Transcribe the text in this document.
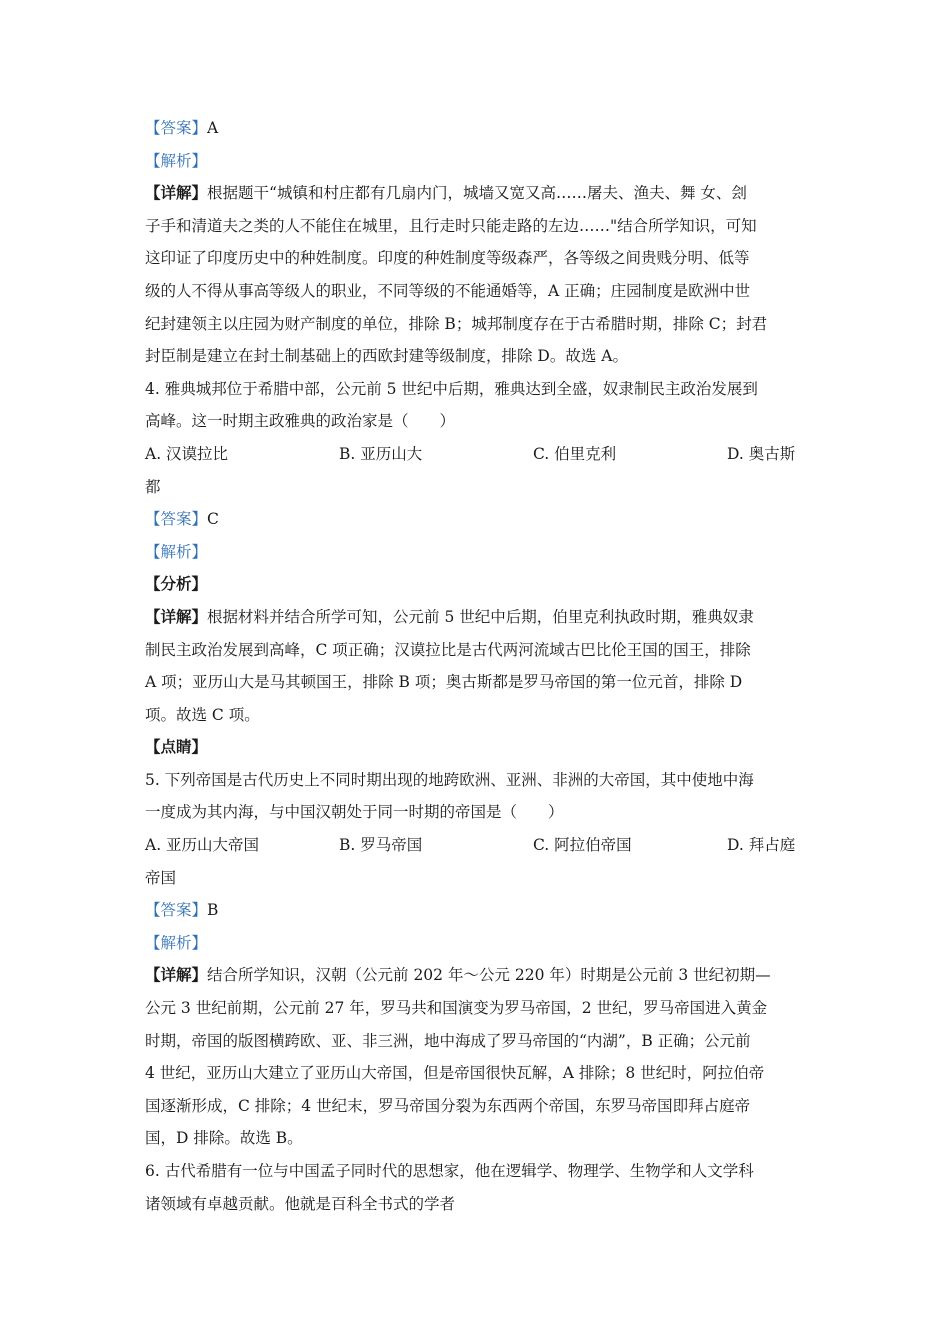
【答案】A
【解析】
【详解】根据题干“城镇和村庄都有几扇内门，城墙又宽又高……屠夫、渔夫、舞 女、刽
子手和清道夫之类的人不能住在城里，且行走时只能走路的左边……"结合所学知识，可知
这印证了印度历史中的种姓制度。印度的种姓制度等级森严，各等级之间贵贱分明、低等
级的人不得从事高等级人的职业，不同等级的不能通婚等，A 正确；庄园制度是欧洲中世
纪封建领主以庄园为财产制度的单位，排除 B；城邦制度存在于古希腊时期，排除 C；封君
封臣制是建立在封土制基础上的西欧封建等级制度，排除 D。故选 A。
4. 雅典城邦位于希腊中部，公元前 5 世纪中后期，雅典达到全盛，奴隶制民主政治发展到
高峰。这一时期主政雅典的政治家是（　　）
A. 汉谟拉比	B. 亚历山大	C. 伯里克利	D. 奥古斯
都
【答案】C
【解析】
【分析】
【详解】根据材料并结合所学可知，公元前 5 世纪中后期，伯里克利执政时期，雅典奴隶
制民主政治发展到高峰，C 项正确；汉谟拉比是古代两河流域古巴比伦王国的国王，排除
A 项；亚历山大是马其顿国王，排除 B 项；奥古斯都是罗马帝国的第一位元首，排除 D
项。故选 C 项。
【点睛】
5. 下列帝国是古代历史上不同时期出现的地跨欧洲、亚洲、非洲的大帝国，其中使地中海
一度成为其内海，与中国汉朝处于同一时期的帝国是（　　）
A. 亚历山大帝国	B. 罗马帝国	C. 阿拉伯帝国	D. 拜占庭
帝国
【答案】B
【解析】
【详解】结合所学知识，汉朝（公元前 202 年～公元 220 年）时期是公元前 3 世纪初期—
公元 3 世纪前期，公元前 27 年，罗马共和国演变为罗马帝国，2 世纪，罗马帝国进入黄金
时期，帝国的版图横跨欧、亚、非三洲，地中海成了罗马帝国的“内湖”，B 正确；公元前
4 世纪，亚历山大建立了亚历山大帝国，但是帝国很快瓦解，A 排除；8 世纪时，阿拉伯帝
国逐渐形成，C 排除；4 世纪末，罗马帝国分裂为东西两个帝国，东罗马帝国即拜占庭帝
国，D 排除。故选 B。
6. 古代希腊有一位与中国孟子同时代的思想家，他在逻辑学、物理学、生物学和人文学科
诸领域有卓越贡献。他就是百科全书式的学者
